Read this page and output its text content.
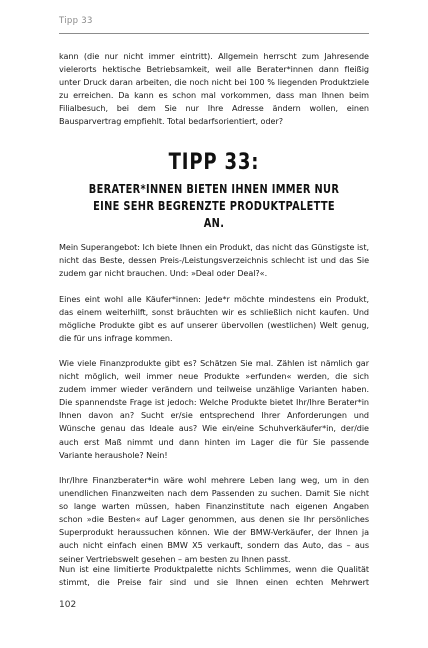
Tipp 33

kann (die nur nicht immer eintritt). Allgemein herrscht zum Jahresende vielerorts hektische Betriebsamkeit, weil alle Berater*innen dann fleißig unter Druck daran arbeiten, die noch nicht bei 100 % liegenden Produktziele zu erreichen. Da kann es schon mal vorkommen, dass man Ihnen beim Filialbesuch, bei dem Sie nur Ihre Adresse ändern wollen, einen Bausparvertrag empfiehlt. Total bedarfsorientiert, oder?

TIPP 33:
BERATER*INNEN BIETEN IHNEN IMMER NUR
EINE SEHR BEGRENZTE PRODUKTPALETTE AN.

Mein Superangebot: Ich biete Ihnen ein Produkt, das nicht das Günstigste ist, nicht das Beste, dessen Preis-/Leistungsverzeichnis schlecht ist und das Sie zudem gar nicht brauchen. Und: »Deal oder Deal?«.

Eines eint wohl alle Käufer*innen: Jede*r möchte mindestens ein Produkt, das einem weiterhilft, sonst bräuchten wir es schließlich nicht kaufen. Und mögliche Produkte gibt es auf unserer übervollen (westlichen) Welt genug, die für uns infrage kommen.

Wie viele Finanzprodukte gibt es? Schätzen Sie mal. Zählen ist nämlich gar nicht möglich, weil immer neue Produkte »erfunden« werden, die sich zudem immer wieder verändern und teilweise unzählige Varianten haben. Die spannendste Frage ist jedoch: Welche Produkte bietet Ihr/Ihre Berater*in Ihnen davon an? Sucht er/sie entsprechend Ihrer Anforderungen und Wünsche genau das Ideale aus? Wie ein/eine Schuhverkäufer*in, der/die auch erst Maß nimmt und dann hinten im Lager die für Sie passende Variante heraushole? Nein!

Ihr/Ihre Finanzberater*in wäre wohl mehrere Leben lang weg, um in den unendlichen Finanzweiten nach dem Passenden zu suchen. Damit Sie nicht so lange warten müssen, haben Finanzinstitute nach eigenen Angaben schon »die Besten« auf Lager genommen, aus denen sie Ihr persönliches Superprodukt heraussuchen können. Wie der BMW-Verkäufer, der Ihnen ja auch nicht einfach einen BMW X5 verkauft, sondern das Auto, das – aus seiner Vertriebswelt gesehen – am besten zu Ihnen passt.

Nun ist eine limitierte Produktpalette nichts Schlimmes, wenn die Qualität stimmt, die Preise fair sind und sie Ihnen einen echten Mehrwert

102
